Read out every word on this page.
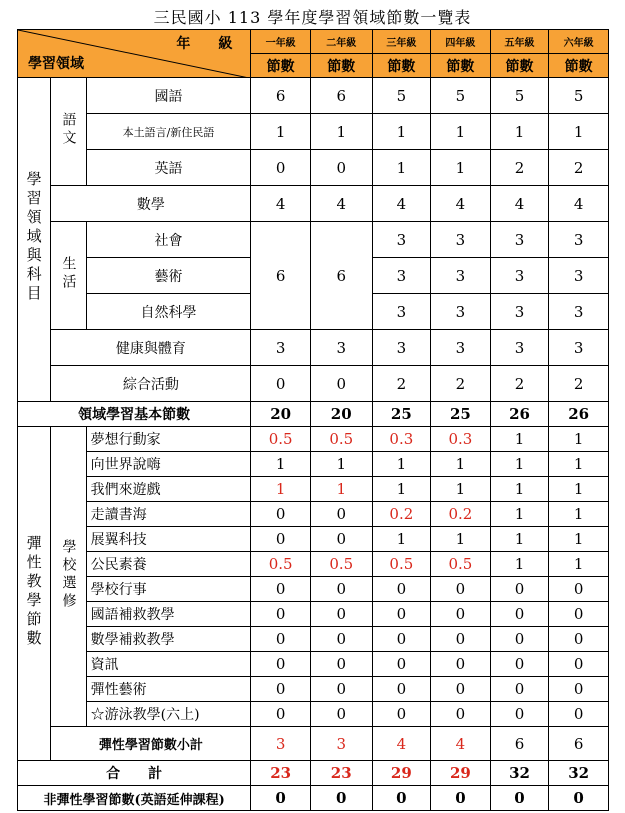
三民國小 113 學年度學習領域節數一覽表
年　　級
學習領域			一年級	二年級	三年級	四年級	五年級	六年級
			節數	節數	節數	節數	節數	節數
學習領域與科目	語文	國語	6	6	5	5	5	5
		本土語言/新住民語	1	1	1	1	1	1
		英語	0	0	1	1	2	2
	數學		4	4	4	4	4	4
	生活	社會	6	6	3	3	3	3
		藝術			3	3	3	3
		自然科學			3	3	3	3
	健康與體育		3	3	3	3	3	3
	綜合活動		0	0	2	2	2	2
領域學習基本節數			20	20	25	25	26	26
彈性教學節數	學校選修	夢想行動家	0.5	0.5	0.3	0.3	1	1
		向世界說嗨	1	1	1	1	1	1
		我們來遊戲	1	1	1	1	1	1
		走讀書海	0	0	0.2	0.2	1	1
		展翼科技	0	0	1	1	1	1
		公民素養	0.5	0.5	0.5	0.5	1	1
		學校行事	0	0	0	0	0	0
		國語補救教學	0	0	0	0	0	0
		數學補救教學	0	0	0	0	0	0
		資訊	0	0	0	0	0	0
		彈性藝術	0	0	0	0	0	0
		☆游泳教學(六上)	0	0	0	0	0	0
	彈性學習節數小計		3	3	4	4	6	6
合　　計			23	23	29	29	32	32
非彈性學習節數(英語延伸課程)			0	0	0	0	0	0
